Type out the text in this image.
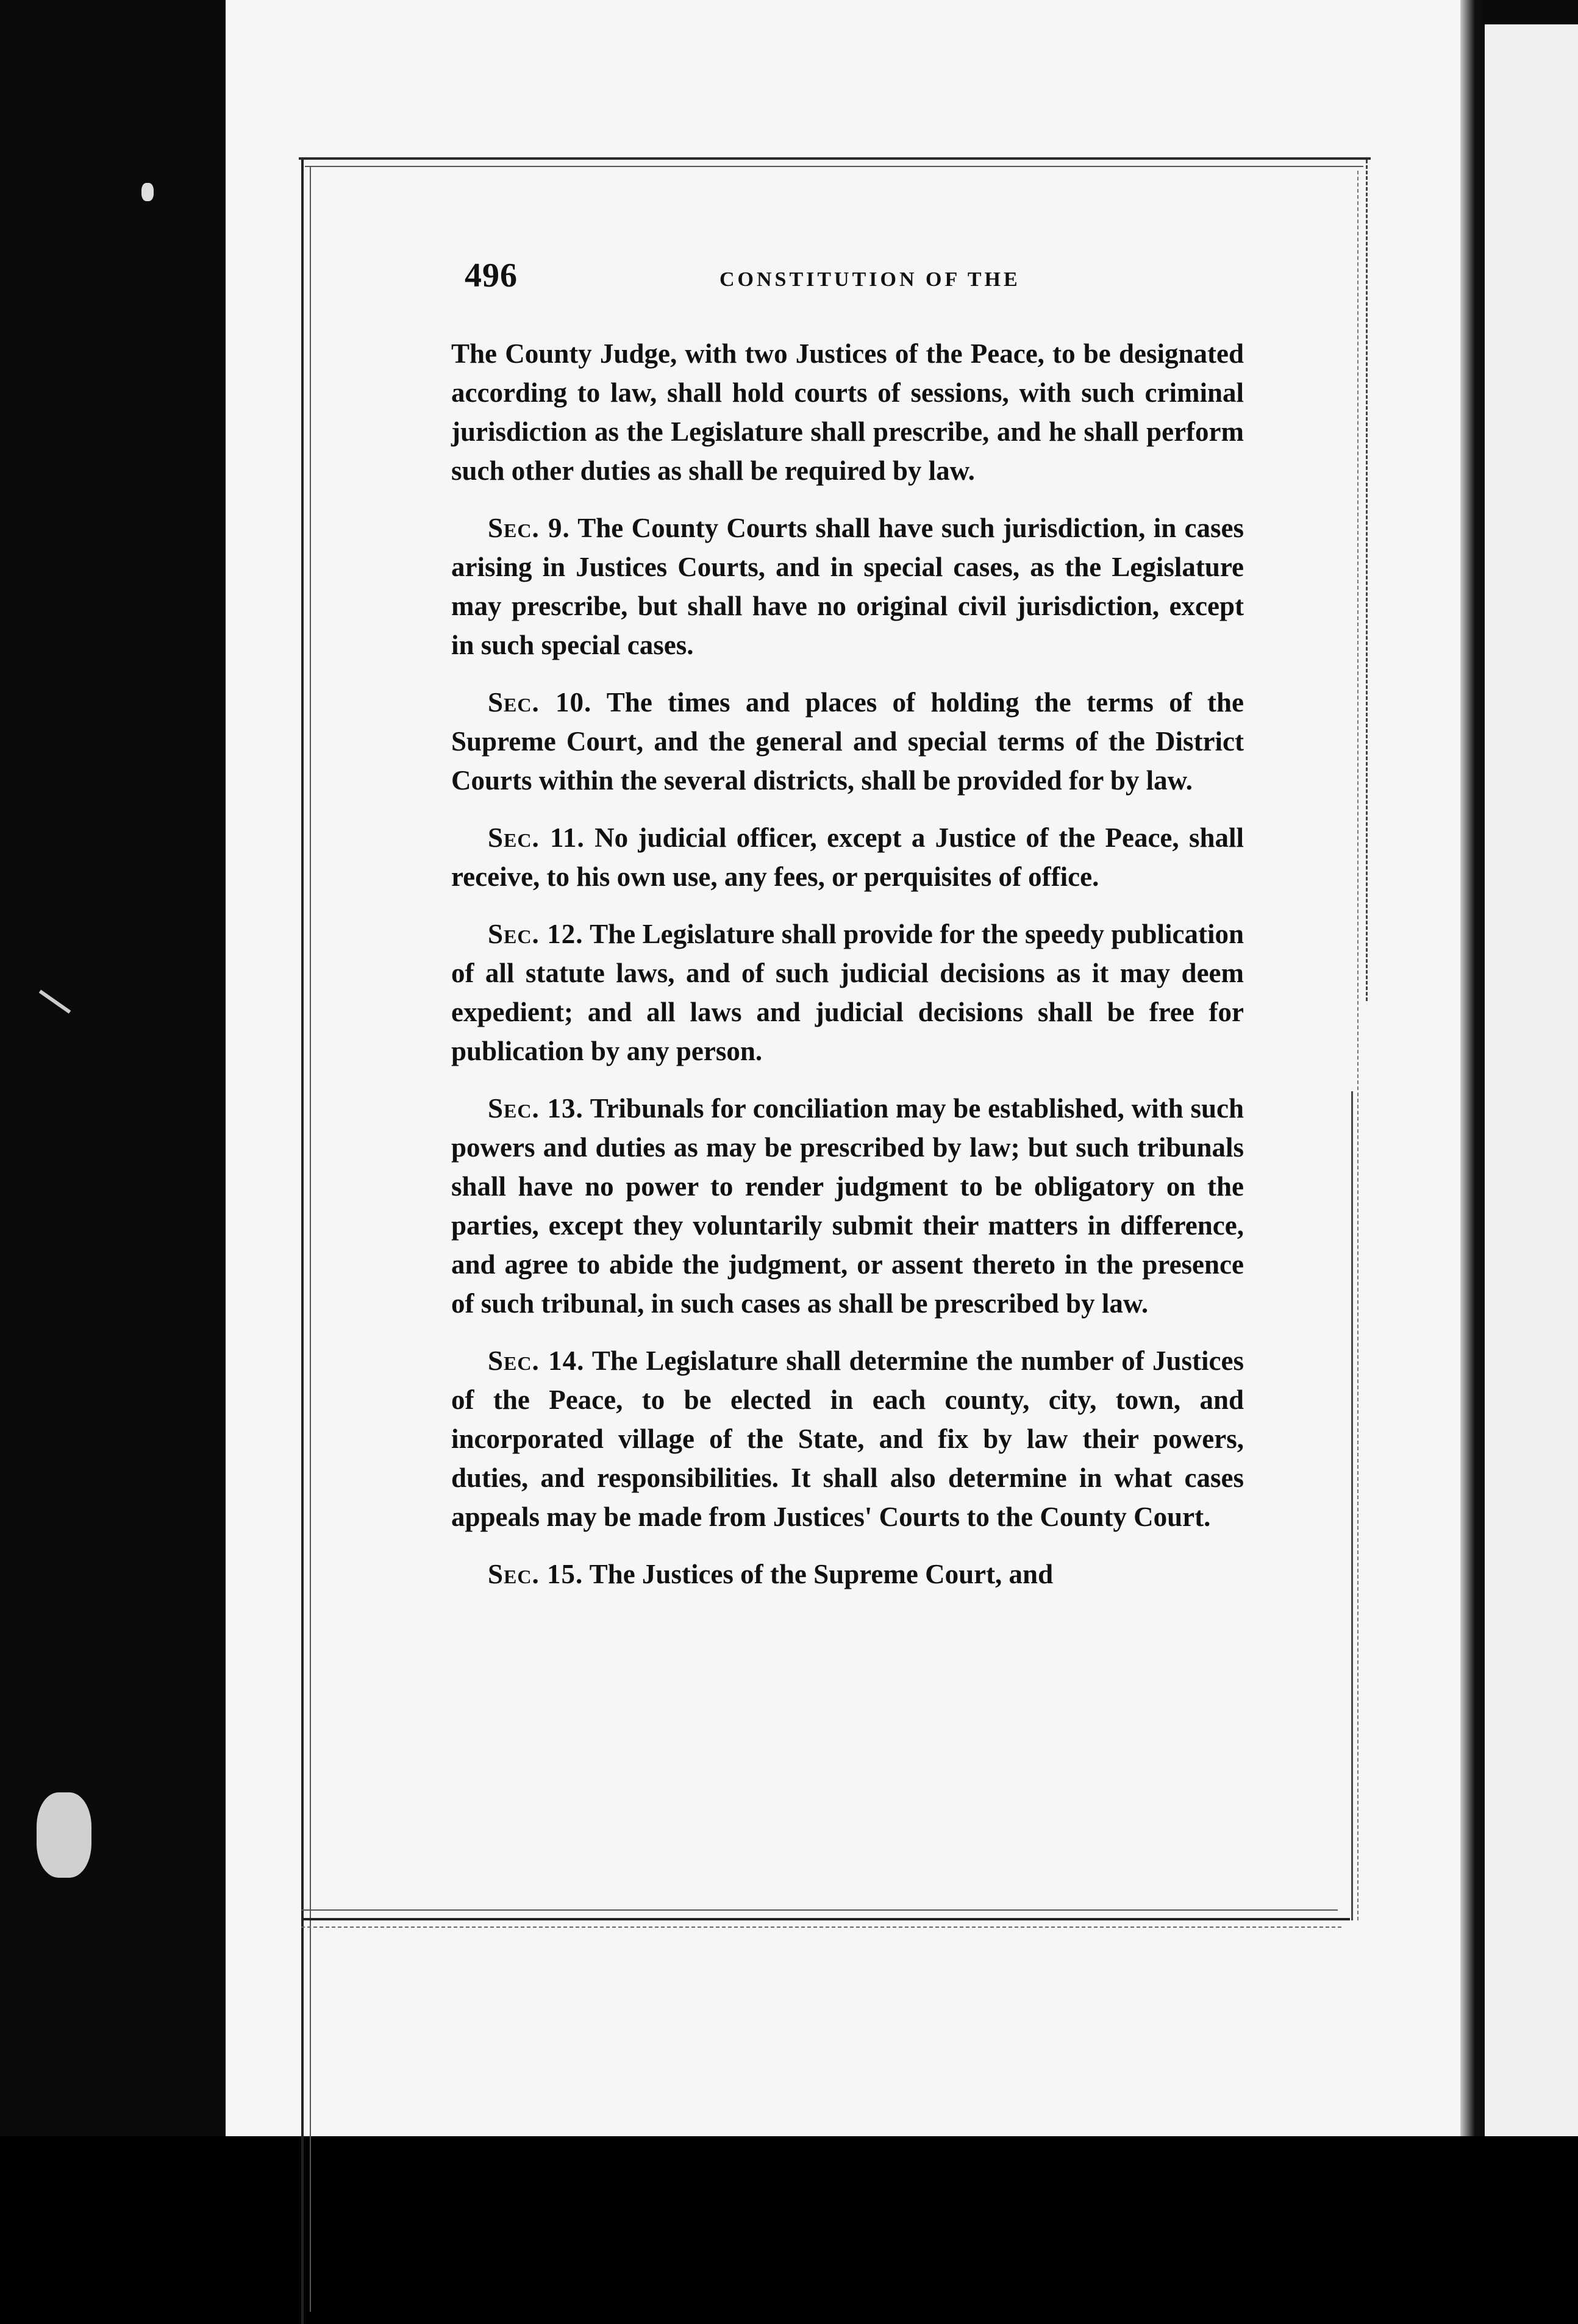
496	CONSTITUTION OF THE

The County Judge, with two Justices of the Peace, to be designated according to law, shall hold courts of sessions, with such criminal jurisdiction as the Legislature shall prescribe, and he shall perform such other duties as shall be required by law.

Sec. 9. The County Courts shall have such jurisdiction, in cases arising in Justices Courts, and in special cases, as the Legislature may prescribe, but shall have no original civil jurisdiction, except in such special cases.

Sec. 10. The times and places of holding the terms of the Supreme Court, and the general and special terms of the District Courts within the several districts, shall be provided for by law.

Sec. 11. No judicial officer, except a Justice of the Peace, shall receive, to his own use, any fees, or perquisites of office.

Sec. 12. The Legislature shall provide for the speedy publication of all statute laws, and of such judicial decisions as it may deem expedient; and all laws and judicial decisions shall be free for publication by any person.

Sec. 13. Tribunals for conciliation may be established, with such powers and duties as may be prescribed by law; but such tribunals shall have no power to render judgment to be obligatory on the parties, except they voluntarily submit their matters in difference, and agree to abide the judgment, or assent thereto in the presence of such tribunal, in such cases as shall be prescribed by law.

Sec. 14. The Legislature shall determine the number of Justices of the Peace, to be elected in each county, city, town, and incorporated village of the State, and fix by law their powers, duties, and responsibilities. It shall also determine in what cases appeals may be made from Justices' Courts to the County Court.

Sec. 15. The Justices of the Supreme Court, and
